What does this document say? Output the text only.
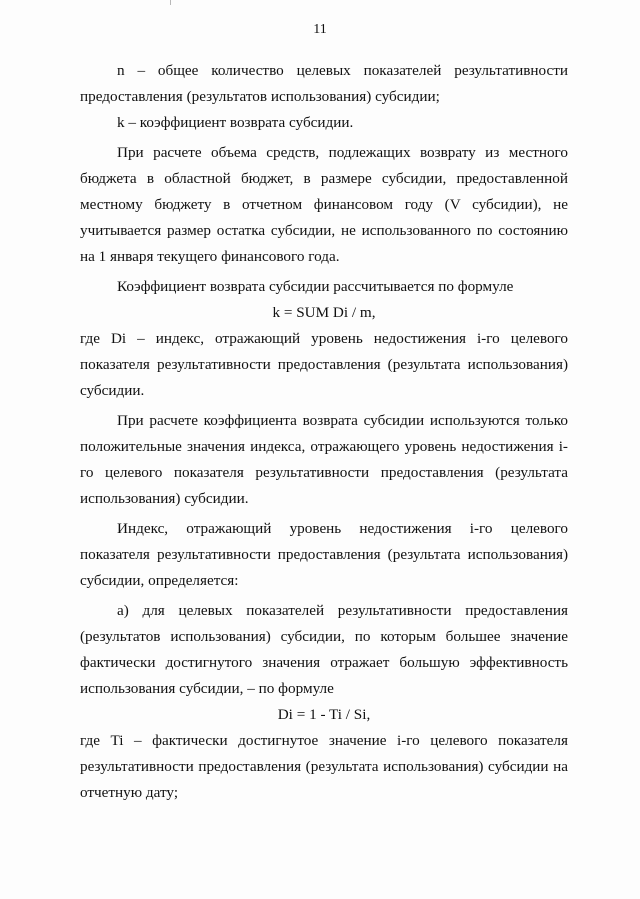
11

n – общее количество целевых показателей результативности предоставления (результатов использования) субсидии;

k – коэффициент возврата субсидии.

При расчете объема средств, подлежащих возврату из местного бюджета в областной бюджет, в размере субсидии, предоставленной местному бюджету в отчетном финансовом году (V субсидии), не учитывается размер остатка субсидии, не использованного по состоянию на 1 января текущего финансового года.

Коэффициент возврата субсидии рассчитывается по формуле

k = SUM Di / m,

где Di – индекс, отражающий уровень недостижения i-го целевого показателя результативности предоставления (результата использования) субсидии.

При расчете коэффициента возврата субсидии используются только положительные значения индекса, отражающего уровень недостижения i-го целевого показателя результативности предоставления (результата использования) субсидии.

Индекс, отражающий уровень недостижения i-го целевого показателя результативности предоставления (результата использования) субсидии, определяется:

а) для целевых показателей результативности предоставления (результатов использования) субсидии, по которым большее значение фактически достигнутого значения отражает большую эффективность использования субсидии, – по формуле

Di = 1 - Ti / Si,

где Ti – фактически достигнутое значение i-го целевого показателя результативности предоставления (результата использования) субсидии на отчетную дату;
